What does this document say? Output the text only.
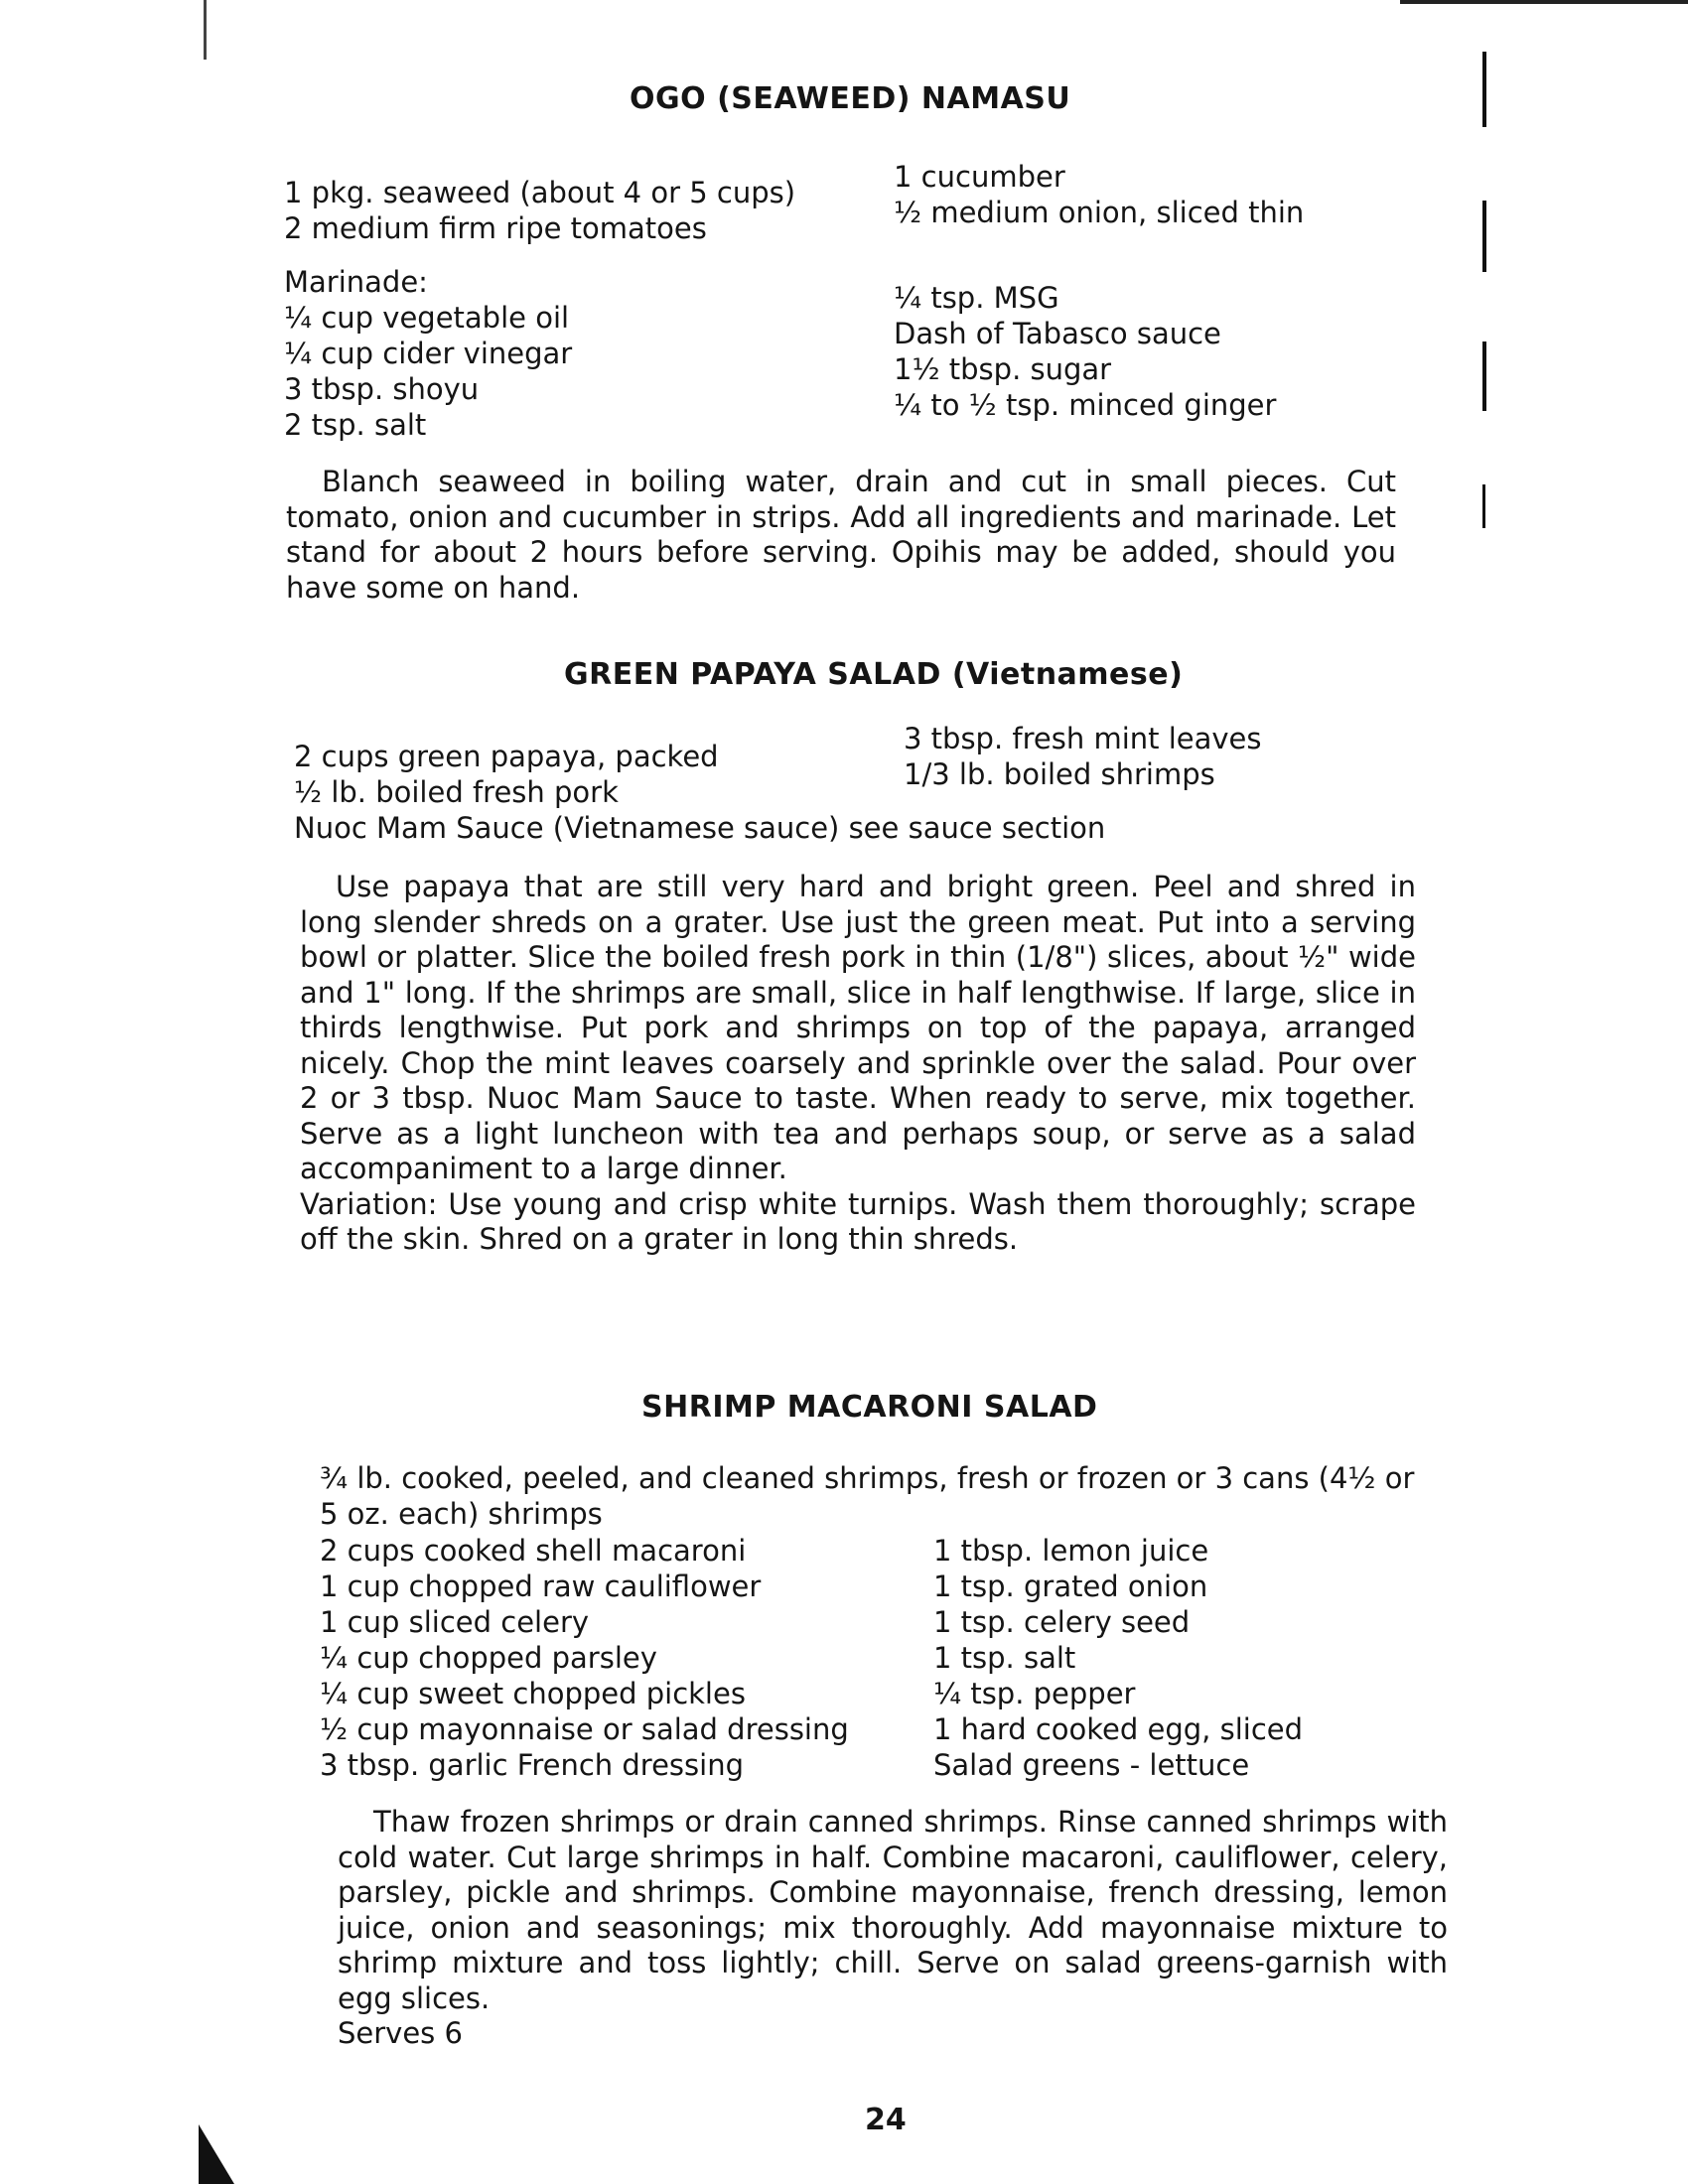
OGO (SEAWEED) NAMASU
1 pkg. seaweed (about 4 or 5 cups)
2 medium firm ripe tomatoes
1 cucumber
½ medium onion, sliced thin
Marinade:
¼ cup vegetable oil
¼ cup cider vinegar
3 tbsp. shoyu
2 tsp. salt
¼ tsp. MSG
Dash of Tabasco sauce
1½ tbsp. sugar
¼ to ½ tsp. minced ginger
Blanch seaweed in boiling water, drain and cut in small pieces. Cut tomato, onion and cucumber in strips. Add all ingredients and marinade. Let stand for about 2 hours before serving. Opihis may be added, should you have some on hand.
GREEN PAPAYA SALAD (Vietnamese)
2 cups green papaya, packed
½ lb. boiled fresh pork
Nuoc Mam Sauce (Vietnamese sauce) see sauce section
3 tbsp. fresh mint leaves
1/3 lb. boiled shrimps
Use papaya that are still very hard and bright green. Peel and shred in long slender shreds on a grater. Use just the green meat. Put into a serving bowl or platter. Slice the boiled fresh pork in thin (1/8") slices, about ½" wide and 1" long. If the shrimps are small, slice in half lengthwise. If large, slice in thirds lengthwise. Put pork and shrimps on top of the papaya, arranged nicely. Chop the mint leaves coarsely and sprinkle over the salad. Pour over 2 or 3 tbsp. Nuoc Mam Sauce to taste. When ready to serve, mix together. Serve as a light luncheon with tea and perhaps soup, or serve as a salad accompaniment to a large dinner.
Variation: Use young and crisp white turnips. Wash them thoroughly; scrape off the skin. Shred on a grater in long thin shreds.
SHRIMP MACARONI SALAD
¾ lb. cooked, peeled, and cleaned shrimps, fresh or frozen or 3 cans (4½ or 5 oz. each) shrimps
2 cups cooked shell macaroni
1 cup chopped raw cauliflower
1 cup sliced celery
¼ cup chopped parsley
¼ cup sweet chopped pickles
½ cup mayonnaise or salad dressing
3 tbsp. garlic French dressing
1 tbsp. lemon juice
1 tsp. grated onion
1 tsp. celery seed
1 tsp. salt
¼ tsp. pepper
1 hard cooked egg, sliced
Salad greens - lettuce
Thaw frozen shrimps or drain canned shrimps. Rinse canned shrimps with cold water. Cut large shrimps in half. Combine macaroni, cauliflower, celery, parsley, pickle and shrimps. Combine mayonnaise, french dressing, lemon juice, onion and seasonings; mix thoroughly. Add mayonnaise mixture to shrimp mixture and toss lightly; chill. Serve on salad greens-garnish with egg slices.
Serves 6
24
